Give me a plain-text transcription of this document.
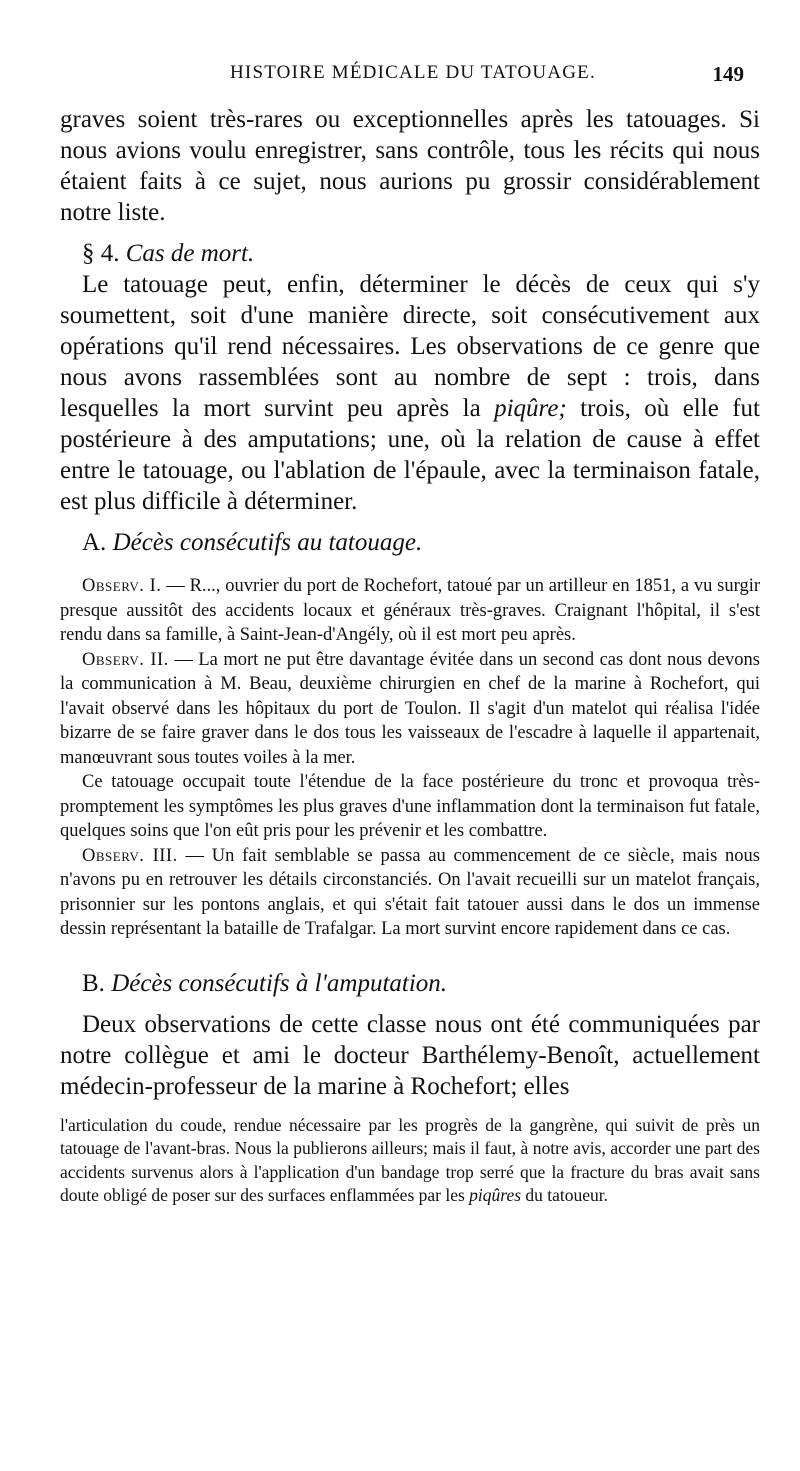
HISTOIRE MÉDICALE DU TATOUAGE.	149

graves soient très-rares ou exceptionnelles après les tatouages. Si nous avions voulu enregistrer, sans contrôle, tous les récits qui nous étaient faits à ce sujet, nous aurions pu grossir considérablement notre liste.

§ 4. Cas de mort.

Le tatouage peut, enfin, déterminer le décès de ceux qui s'y soumettent, soit d'une manière directe, soit consécutivement aux opérations qu'il rend nécessaires. Les observations de ce genre que nous avons rassemblées sont au nombre de sept : trois, dans lesquelles la mort survint peu après la piqûre; trois, où elle fut postérieure à des amputations; une, où la relation de cause à effet entre le tatouage, ou l'ablation de l'épaule, avec la terminaison fatale, est plus difficile à déterminer.

A. Décès consécutifs au tatouage.

Observ. I. — R..., ouvrier du port de Rochefort, tatoué par un artilleur en 1851, a vu surgir presque aussitôt des accidents locaux et généraux très-graves. Craignant l'hôpital, il s'est rendu dans sa famille, à Saint-Jean-d'Angély, où il est mort peu après.

Observ. II. — La mort ne put être davantage évitée dans un second cas dont nous devons la communication à M. Beau, deuxième chirurgien en chef de la marine à Rochefort, qui l'avait observé dans les hôpitaux du port de Toulon. Il s'agit d'un matelot qui réalisa l'idée bizarre de se faire graver dans le dos tous les vaisseaux de l'escadre à laquelle il appartenait, manœuvrant sous toutes voiles à la mer.

Ce tatouage occupait toute l'étendue de la face postérieure du tronc et provoqua très-promptement les symptômes les plus graves d'une inflammation dont la terminaison fut fatale, quelques soins que l'on eût pris pour les prévenir et les combattre.

Observ. III. — Un fait semblable se passa au commencement de ce siècle, mais nous n'avons pu en retrouver les détails circonstanciés. On l'avait recueilli sur un matelot français, prisonnier sur les pontons anglais, et qui s'était fait tatouer aussi dans le dos un immense dessin représentant la bataille de Trafalgar. La mort survint encore rapidement dans ce cas.

B. Décès consécutifs à l'amputation.

Deux observations de cette classe nous ont été communiquées par notre collègue et ami le docteur Barthélemy-Benoît, actuellement médecin-professeur de la marine à Rochefort; elles

l'articulation du coude, rendue nécessaire par les progrès de la gangrène, qui suivit de près un tatouage de l'avant-bras. Nous la publierons ailleurs; mais il faut, à notre avis, accorder une part des accidents survenus alors à l'application d'un bandage trop serré que la fracture du bras avait sans doute obligé de poser sur des surfaces enflammées par les piqûres du tatoueur.
